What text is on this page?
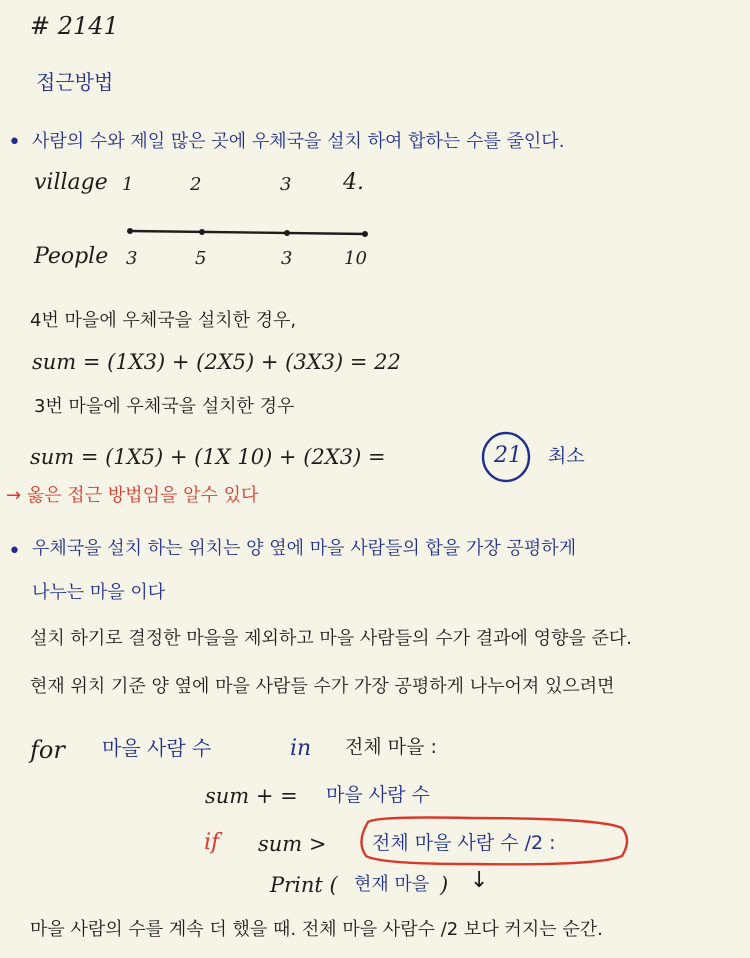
# 2141
접근방법
• 사람의 수와 제일 많은 곳에 우체국을 설치 하여 합하는 수를 줄인다.
village 1	2	3 4.
People 3	5	3	10
4번 마을에 우체국을 설치한 경우,
sum = (1X3) + (2X5) + (3X3) = 22
3번 마을에 우체국을 설치한 경우
sum = (1X5) + (1X 10) + (2X3) =	21 최소
→ 옳은 접근 방법임을 알수 있다
• 우체국을 설치 하는 위치는 양 옆에 마을 사람들의 합을 가장 공평하게
나누는 마을 이다
설치 하기로 결정한 마을을 제외하고 마을 사람들의 수가 결과에 영향을 준다.
현재 위치 기준 양 옆에 마을 사람들 수가 가장 공평하게 나누어져 있으려면
for 마을 사람 수	in 전체 마을 :
sum + = 마을 사람 수
if sum > 전체 마을 사람 수 /2 :
Print ( 현재 마을 ) ↓
마을 사람의 수를 계속 더 했을 때. 전체 마을 사람수 /2 보다 커지는 순간.
